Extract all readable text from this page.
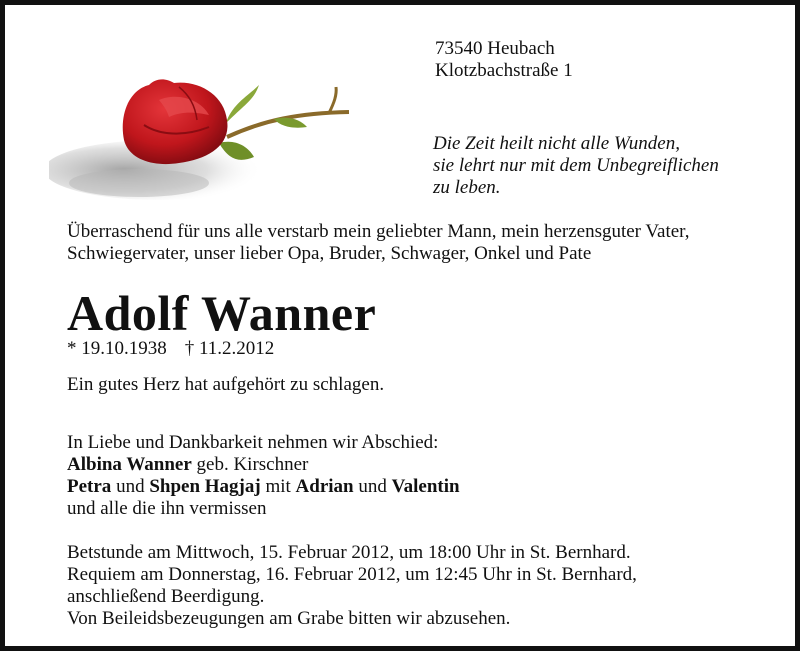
73540 Heubach
Klotzbachstraße 1
Die Zeit heilt nicht alle Wunden,
sie lehrt nur mit dem Unbegreiflichen
zu leben.
Überraschend für uns alle verstarb mein geliebter Mann, mein herzensguter Vater,
Schwiegervater, unser lieber Opa, Bruder, Schwager, Onkel und Pate
Adolf Wanner
* 19.10.1938 † 11.2.2012
Ein gutes Herz hat aufgehört zu schlagen.
In Liebe und Dankbarkeit nehmen wir Abschied:
Albina Wanner geb. Kirschner
Petra und Shpen Hagjaj mit Adrian und Valentin
und alle die ihn vermissen
Betstunde am Mittwoch, 15. Februar 2012, um 18:00 Uhr in St. Bernhard.
Requiem am Donnerstag, 16. Februar 2012, um 12:45 Uhr in St. Bernhard,
anschließend Beerdigung.
Von Beileidsbezeugungen am Grabe bitten wir abzusehen.
